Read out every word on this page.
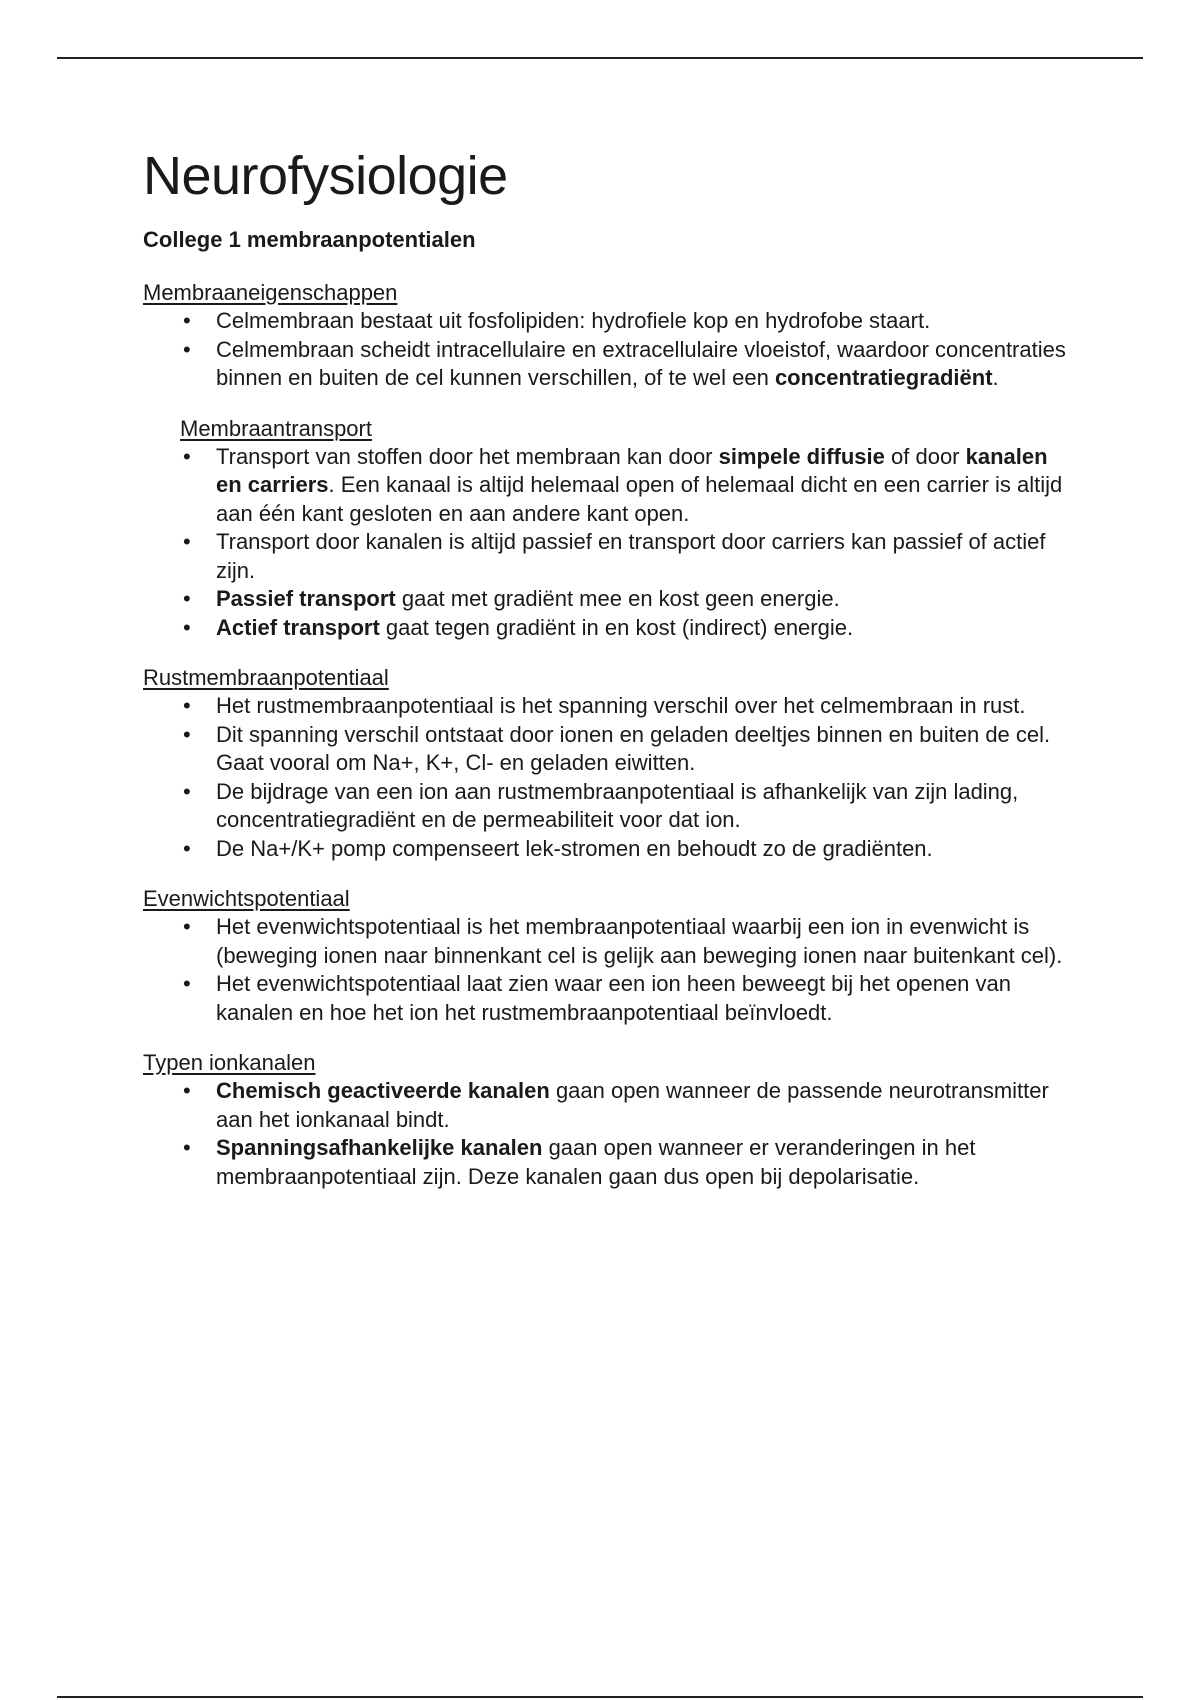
Neurofysiologie
College 1 membraanpotentialen
Membraaneigenschappen
• Celmembraan bestaat uit fosfolipiden: hydrofiele kop en hydrofobe staart.
• Celmembraan scheidt intracellulaire en extracellulaire vloeistof, waardoor concentraties binnen en buiten de cel kunnen verschillen, of te wel een concentratiegradiënt.
Membraantransport
• Transport van stoffen door het membraan kan door simpele diffusie of door kanalen en carriers. Een kanaal is altijd helemaal open of helemaal dicht en een carrier is altijd aan één kant gesloten en aan andere kant open.
• Transport door kanalen is altijd passief en transport door carriers kan passief of actief zijn.
• Passief transport gaat met gradiënt mee en kost geen energie.
• Actief transport gaat tegen gradiënt in en kost (indirect) energie.
Rustmembraanpotentiaal
• Het rustmembraanpotentiaal is het spanning verschil over het celmembraan in rust.
• Dit spanning verschil ontstaat door ionen en geladen deeltjes binnen en buiten de cel. Gaat vooral om Na+, K+, Cl- en geladen eiwitten.
• De bijdrage van een ion aan rustmembraanpotentiaal is afhankelijk van zijn lading, concentratiegradiënt en de permeabiliteit voor dat ion.
• De Na+/K+ pomp compenseert lek-stromen en behoudt zo de gradiënten.
Evenwichtspotentiaal
• Het evenwichtspotentiaal is het membraanpotentiaal waarbij een ion in evenwicht is (beweging ionen naar binnenkant cel is gelijk aan beweging ionen naar buitenkant cel).
• Het evenwichtspotentiaal laat zien waar een ion heen beweegt bij het openen van kanalen en hoe het ion het rustmembraanpotentiaal beïnvloedt.
Typen ionkanalen
• Chemisch geactiveerde kanalen gaan open wanneer de passende neurotransmitter aan het ionkanaal bindt.
• Spanningsafhankelijke kanalen gaan open wanneer er veranderingen in het membraanpotentiaal zijn. Deze kanalen gaan dus open bij depolarisatie.
